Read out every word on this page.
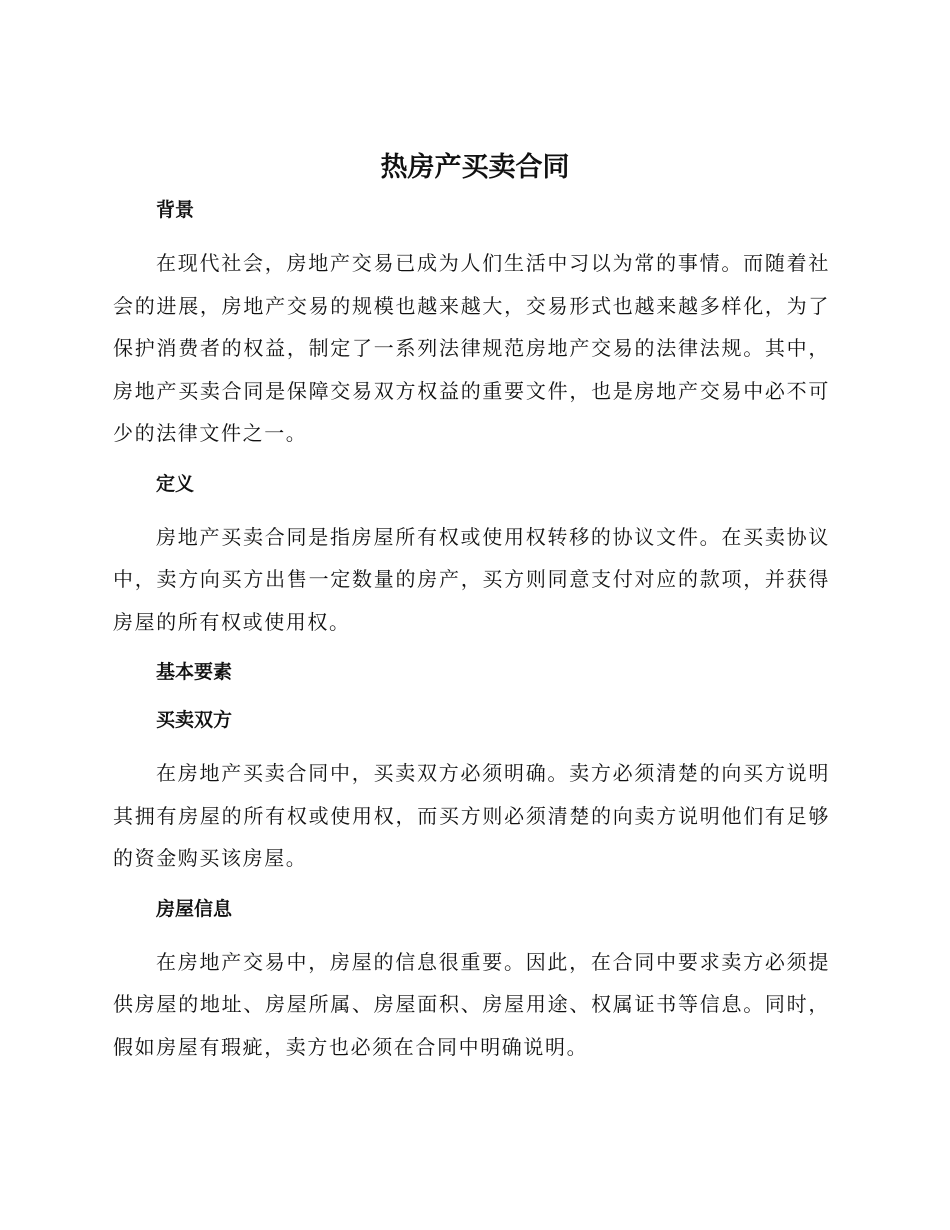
热房产买卖合同

背景

在现代社会，房地产交易已成为人们生活中习以为常的事情。而随着社会的进展，房地产交易的规模也越来越大，交易形式也越来越多样化，为了保护消费者的权益，制定了一系列法律规范房地产交易的法律法规。其中，房地产买卖合同是保障交易双方权益的重要文件，也是房地产交易中必不可少的法律文件之一。

定义

房地产买卖合同是指房屋所有权或使用权转移的协议文件。在买卖协议中，卖方向买方出售一定数量的房产，买方则同意支付对应的款项，并获得房屋的所有权或使用权。

基本要素

买卖双方

在房地产买卖合同中，买卖双方必须明确。卖方必须清楚的向买方说明其拥有房屋的所有权或使用权，而买方则必须清楚的向卖方说明他们有足够的资金购买该房屋。

房屋信息

在房地产交易中，房屋的信息很重要。因此，在合同中要求卖方必须提供房屋的地址、房屋所属、房屋面积、房屋用途、权属证书等信息。同时，假如房屋有瑕疵，卖方也必须在合同中明确说明。
